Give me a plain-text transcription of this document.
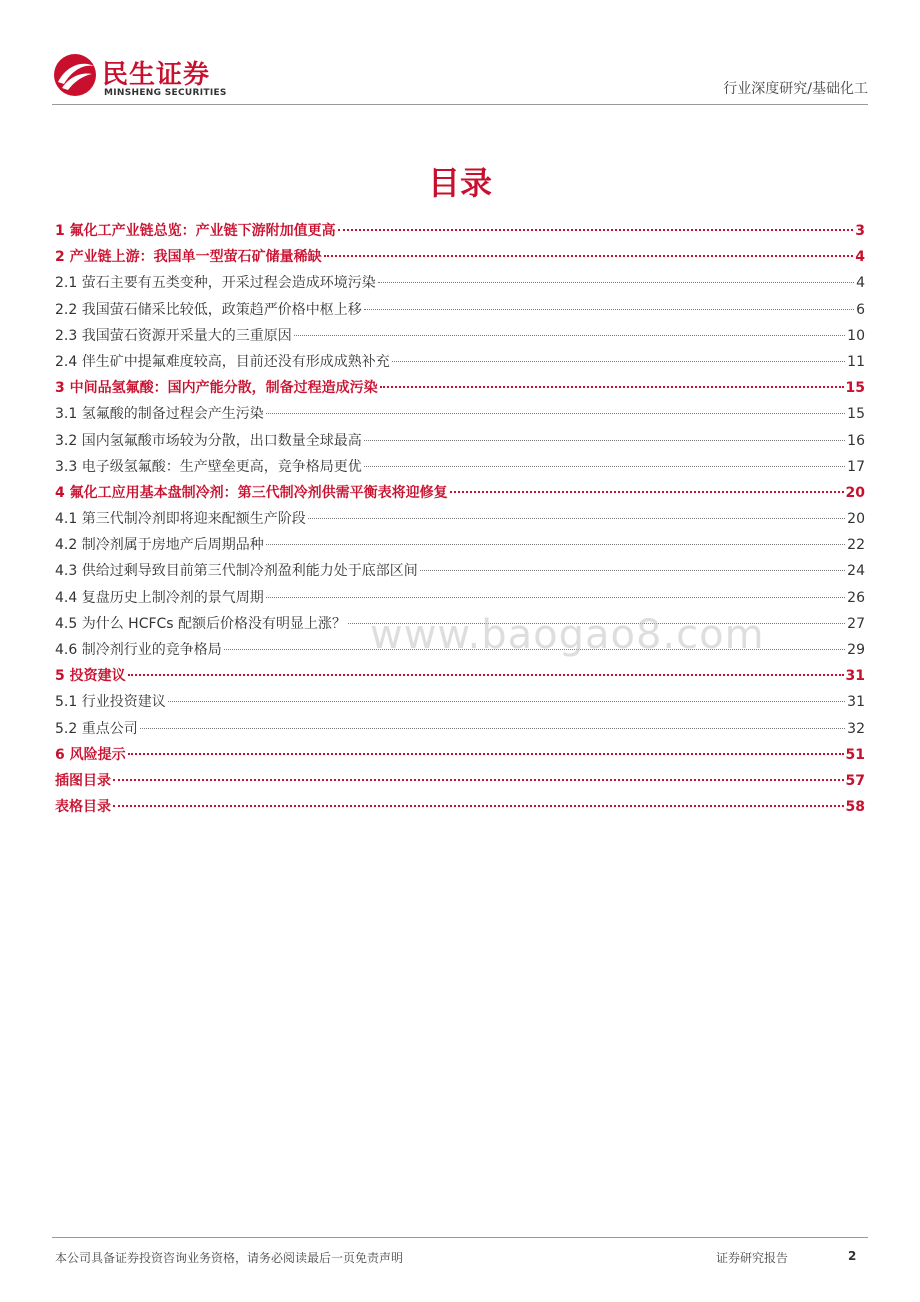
民生证券
MINSHENG SECURITIES	行业深度研究/基础化工
目录
1 氟化工产业链总览：产业链下游附加值更高	3
2 产业链上游：我国单一型萤石矿储量稀缺	4
2.1 萤石主要有五类变种，开采过程会造成环境污染	4
2.2 我国萤石储采比较低，政策趋严价格中枢上移	6
2.3 我国萤石资源开采量大的三重原因	10
2.4 伴生矿中提氟难度较高，目前还没有形成成熟补充	11
3 中间品氢氟酸：国内产能分散，制备过程造成污染	15
3.1 氢氟酸的制备过程会产生污染	15
3.2 国内氢氟酸市场较为分散，出口数量全球最高	16
3.3 电子级氢氟酸：生产壁垒更高，竞争格局更优	17
4 氟化工应用基本盘制冷剂：第三代制冷剂供需平衡表将迎修复	20
4.1 第三代制冷剂即将迎来配额生产阶段	20
4.2 制冷剂属于房地产后周期品种	22
4.3 供给过剩导致目前第三代制冷剂盈利能力处于底部区间	24
4.4 复盘历史上制冷剂的景气周期	26
4.5 为什么 HCFCs 配额后价格没有明显上涨？	27
4.6 制冷剂行业的竞争格局	29
5 投资建议	31
5.1 行业投资建议	31
5.2 重点公司	32
6 风险提示	51
插图目录	57
表格目录	58
www.baogao8.com
本公司具备证券投资咨询业务资格，请务必阅读最后一页免责声明	证券研究报告	2
